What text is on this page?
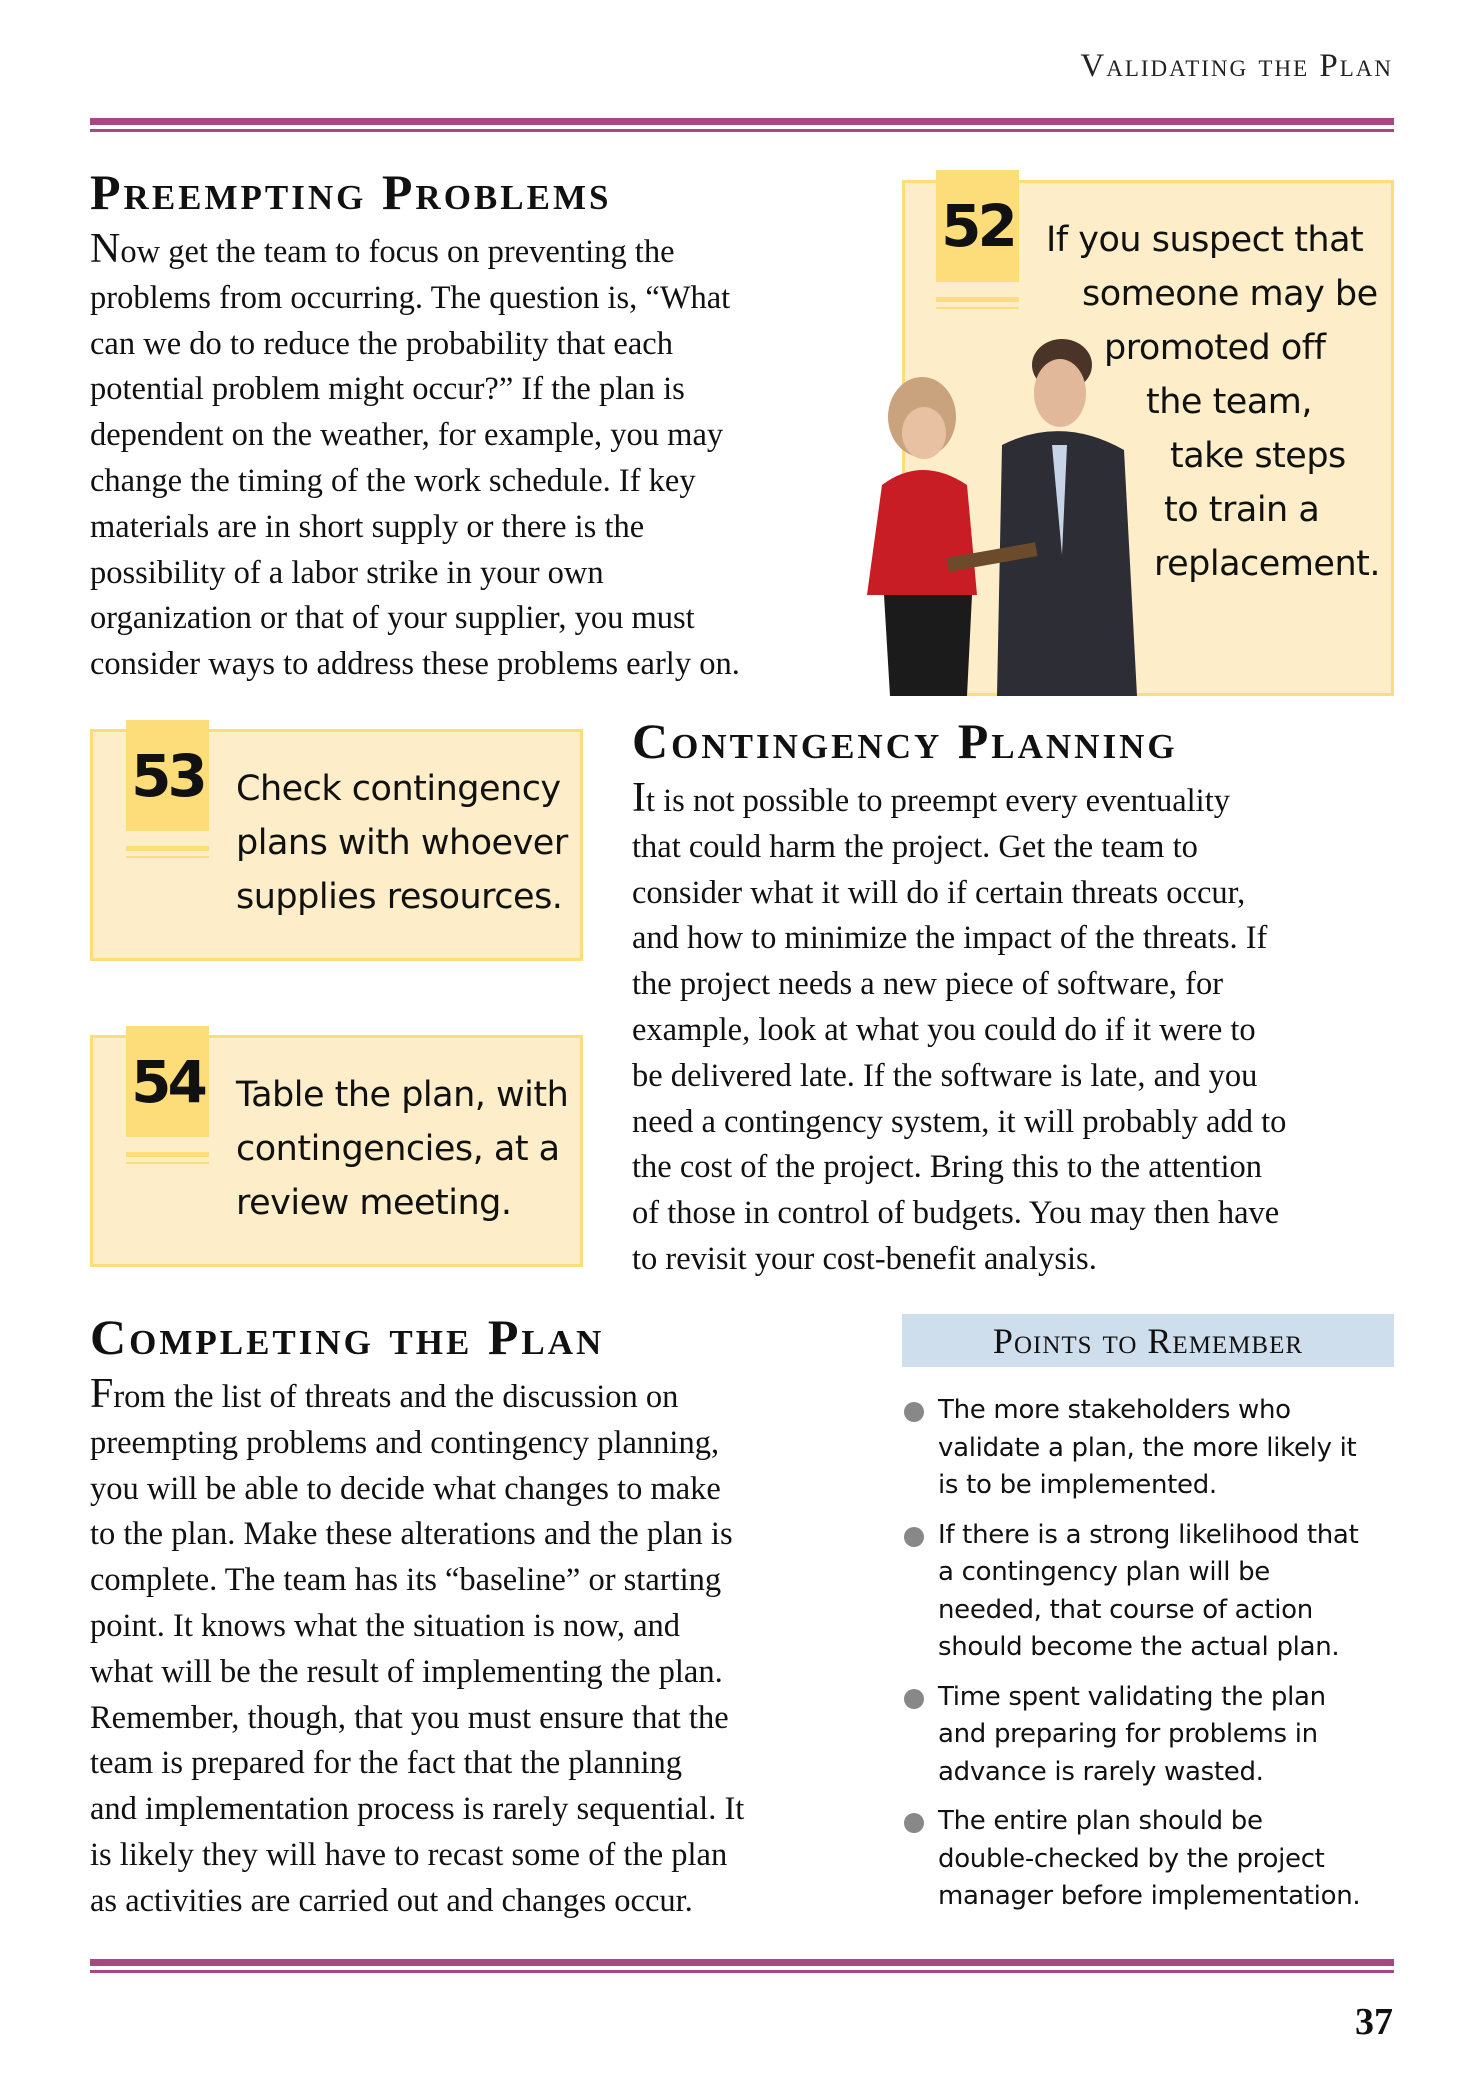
Validating the Plan
Preempting Problems
Now get the team to focus on preventing the
problems from occurring. The question is, “What
can we do to reduce the probability that each
potential problem might occur?” If the plan is
dependent on the weather, for example, you may
change the timing of the work schedule. If key
materials are in short supply or there is the
possibility of a labor strike in your own
organization or that of your supplier, you must
consider ways to address these problems early on.
52 If you suspect that
someone may be
promoted off
the team,
take steps
to train a
replacement.
53 Check contingency
plans with whoever
supplies resources.
54 Table the plan, with
contingencies, at a
review meeting.
Contingency Planning
It is not possible to preempt every eventuality
that could harm the project. Get the team to
consider what it will do if certain threats occur,
and how to minimize the impact of the threats. If
the project needs a new piece of software, for
example, look at what you could do if it were to
be delivered late. If the software is late, and you
need a contingency system, it will probably add to
the cost of the project. Bring this to the attention
of those in control of budgets. You may then have
to revisit your cost-benefit analysis.
Completing the Plan
From the list of threats and the discussion on
preempting problems and contingency planning,
you will be able to decide what changes to make
to the plan. Make these alterations and the plan is
complete. The team has its “baseline” or starting
point. It knows what the situation is now, and
what will be the result of implementing the plan.
Remember, though, that you must ensure that the
team is prepared for the fact that the planning
and implementation process is rarely sequential. It
is likely they will have to recast some of the plan
as activities are carried out and changes occur.
Points to Remember
The more stakeholders who
validate a plan, the more likely it
is to be implemented.
If there is a strong likelihood that
a contingency plan will be
needed, that course of action
should become the actual plan.
Time spent validating the plan
and preparing for problems in
advance is rarely wasted.
The entire plan should be
double-checked by the project
manager before implementation.
37
